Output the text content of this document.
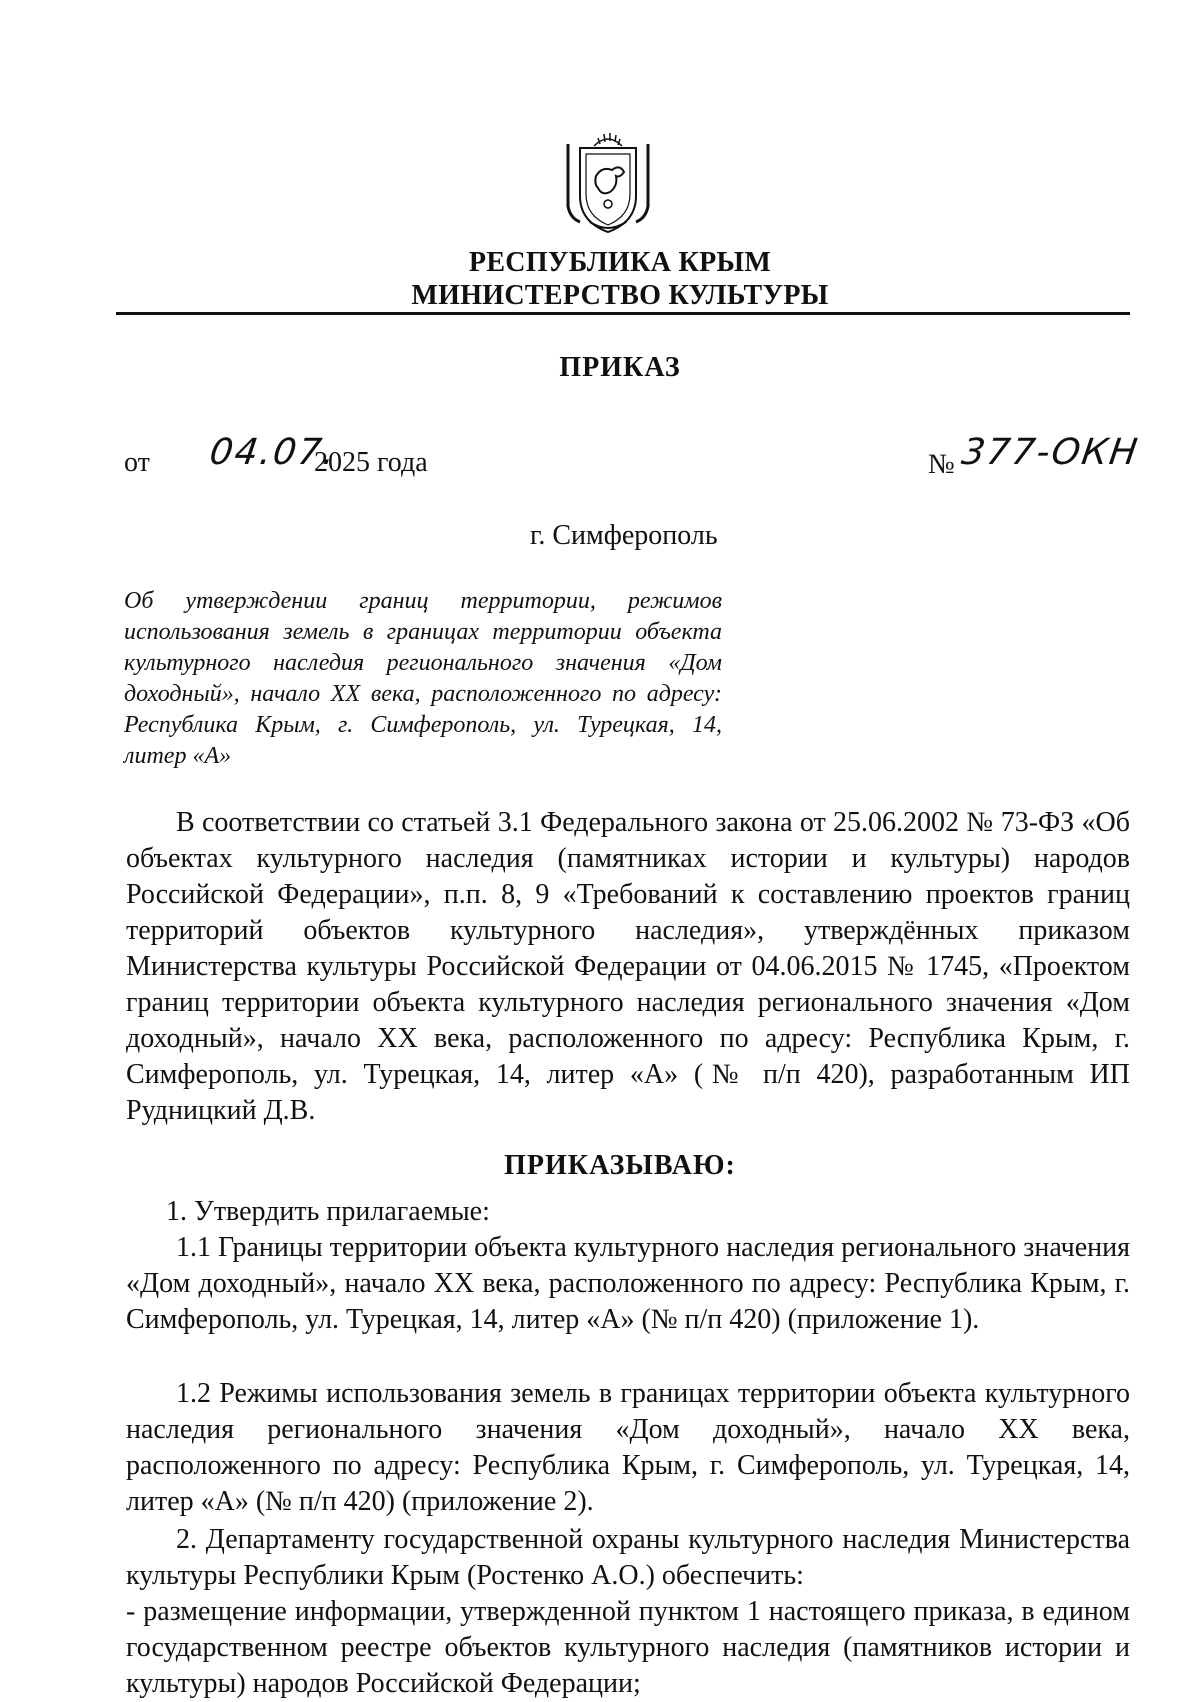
РЕСПУБЛИКА КРЫМ
МИНИСТЕРСТВО КУЛЬТУРЫ
ПРИКАЗ
от 04.07.
2025 года	№ 377-ОКН
г. Симферополь
Об утверждении границ территории, режимов использования земель в границах территории объекта культурного наследия регионального значения «Дом доходный», начало XX века, расположенного по адресу: Республика Крым, г. Симферополь, ул. Турецкая, 14, литер «А»
В соответствии со статьей 3.1 Федерального закона от 25.06.2002 № 73-ФЗ «Об объектах культурного наследия (памятниках истории и культуры) народов Российской Федерации», п.п. 8, 9 «Требований к составлению проектов границ территорий объектов культурного наследия», утверждённых приказом Министерства культуры Российской Федерации от 04.06.2015 № 1745, «Проектом границ территории объекта культурного наследия регионального значения «Дом доходный», начало XX века, расположенного по адресу: Республика Крым, г. Симферополь, ул. Турецкая, 14, литер «А» (№ п/п 420), разработанным ИП Рудницкий Д.В.
ПРИКАЗЫВАЮ:
1. Утвердить прилагаемые:
1.1 Границы территории объекта культурного наследия регионального значения «Дом доходный», начало XX века, расположенного по адресу: Республика Крым, г. Симферополь, ул. Турецкая, 14, литер «А» (№ п/п 420) (приложение 1).
1.2 Режимы использования земель в границах территории объекта культурного наследия регионального значения «Дом доходный», начало XX века, расположенного по адресу: Республика Крым, г. Симферополь, ул. Турецкая, 14, литер «А» (№ п/п 420) (приложение 2).
2. Департаменту государственной охраны культурного наследия Министерства культуры Республики Крым (Ростенко А.О.) обеспечить:
- размещение информации, утвержденной пунктом 1 настоящего приказа, в едином государственном реестре объектов культурного наследия (памятников истории и культуры) народов Российской Федерации;
